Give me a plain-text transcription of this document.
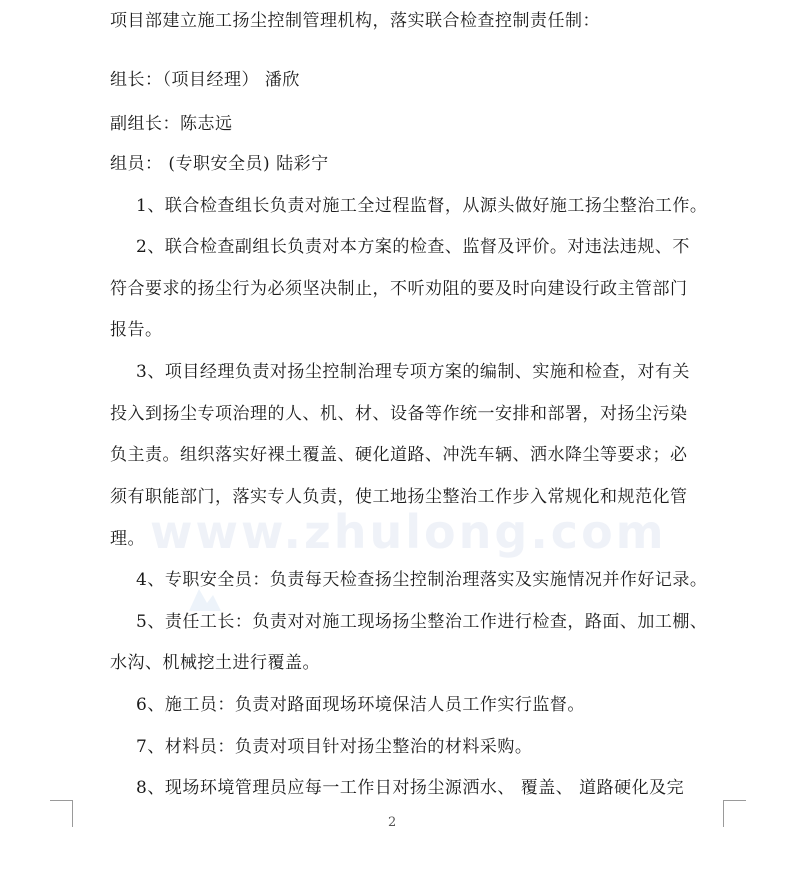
www.zhulong.com
项目部建立施工扬尘控制管理机构，落实联合检查控制责任制：
组长：（项目经理） 潘欣
副组长：陈志远
组员： (专职安全员) 陆彩宁
1、联合检查组长负责对施工全过程监督，从源头做好施工扬尘整治工作。
2、联合检查副组长负责对本方案的检查、监督及评价。对违法违规、不
符合要求的扬尘行为必须坚决制止，不听劝阻的要及时向建设行政主管部门
报告。
3、项目经理负责对扬尘控制治理专项方案的编制、实施和检查，对有关
投入到扬尘专项治理的人、机、材、设备等作统一安排和部署，对扬尘污染
负主责。组织落实好裸土覆盖、硬化道路、冲洗车辆、洒水降尘等要求；必
须有职能部门，落实专人负责，使工地扬尘整治工作步入常规化和规范化管
理。
4、专职安全员：负责每天检查扬尘控制治理落实及实施情况并作好记录。
5、责任工长：负责对对施工现场扬尘整治工作进行检查，路面、加工棚、
水沟、机械挖土进行覆盖。
6、施工员：负责对路面现场环境保洁人员工作实行监督。
7、材料员：负责对项目针对扬尘整治的材料采购。
8、现场环境管理员应每一工作日对扬尘源洒水、 覆盖、 道路硬化及完
2
